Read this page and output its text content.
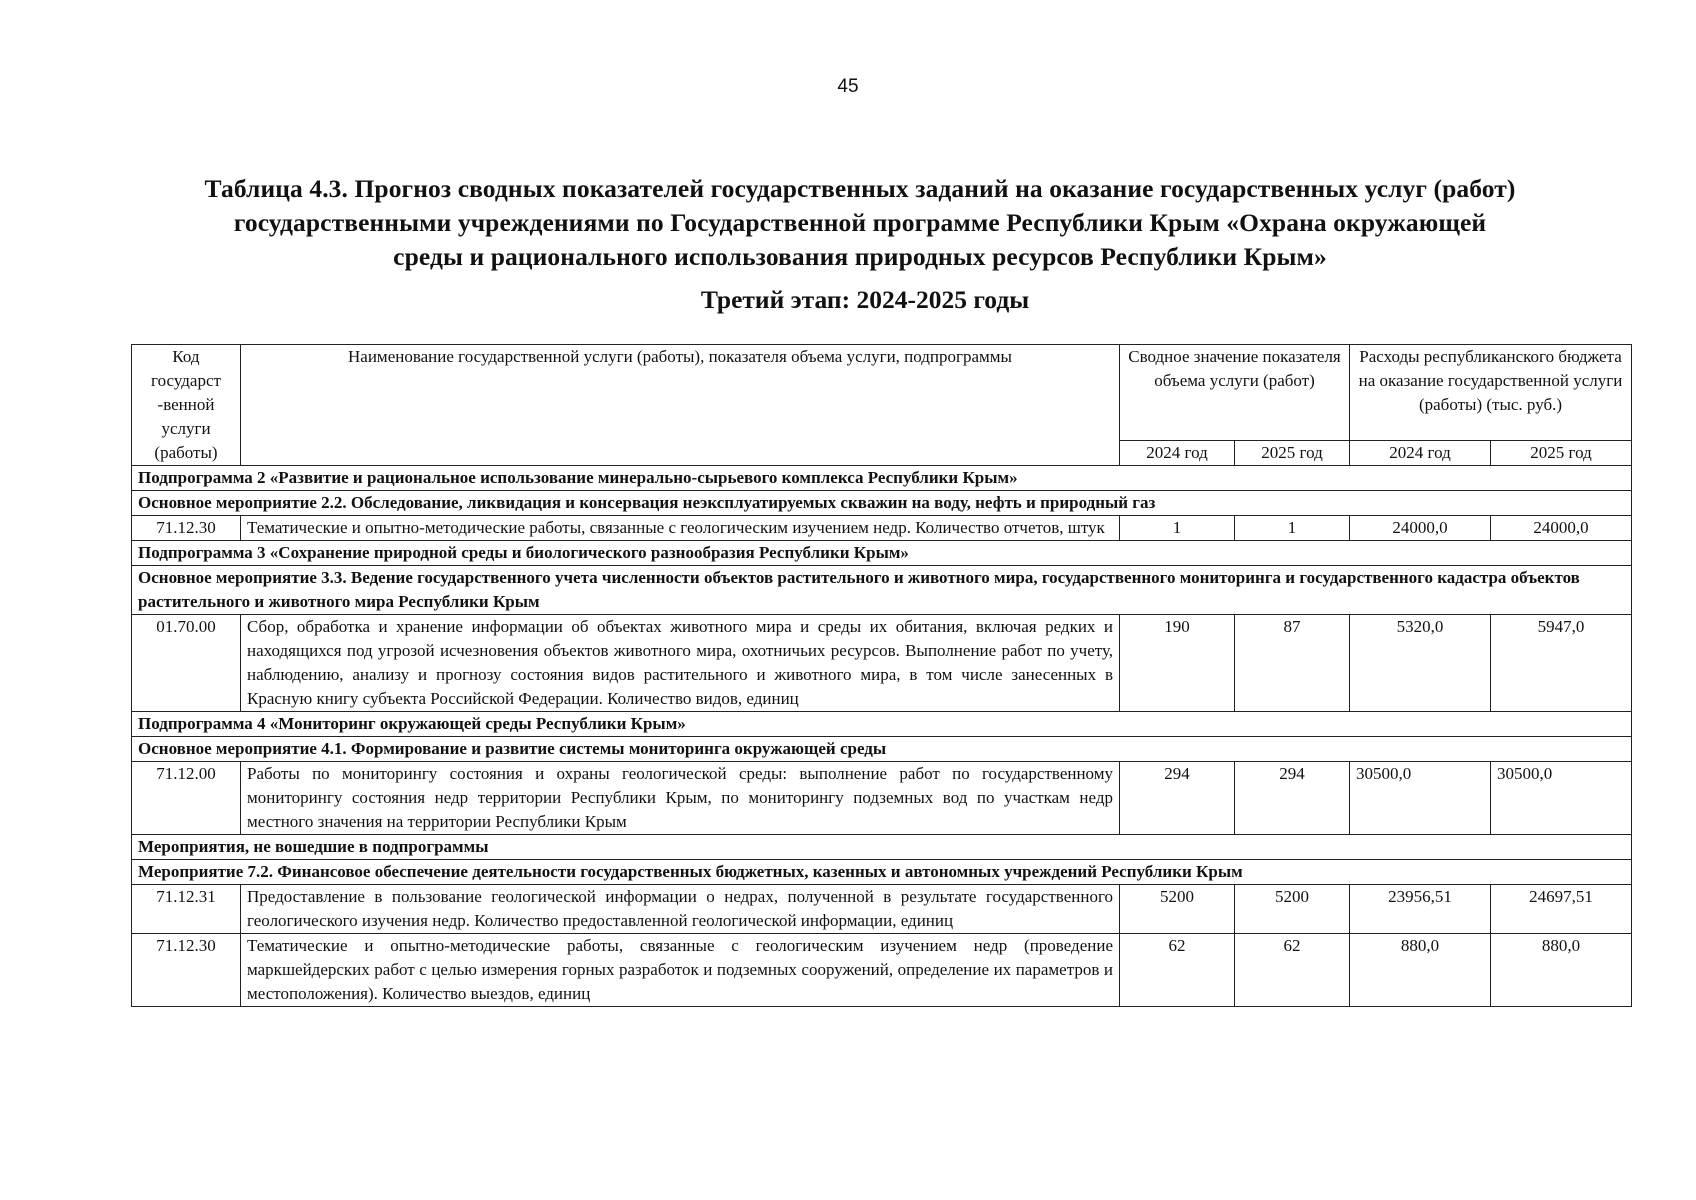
45
Таблица 4.3. Прогноз сводных показателей государственных заданий на оказание государственных услуг (работ)
государственными учреждениями по Государственной программе Республики Крым «Охрана окружающей
среды и рационального использования природных ресурсов Республики Крым»
Третий этап: 2024-2025 годы
Код государст -венной услуги (работы)	Наименование государственной услуги (работы), показателя объема услуги, подпрограммы	Сводное значение показателя объема услуги (работ)		Расходы республиканского бюджета на оказание государственной услуги (работы) (тыс. руб.)	
		2024 год	2025 год	2024 год	2025 год
Подпрограмма 2 «Развитие и рациональное использование минерально-сырьевого комплекса Республики Крым»					
Основное мероприятие 2.2. Обследование, ликвидация и консервация неэксплуатируемых скважин на воду, нефть и природный газ					
71.12.30	Тематические и опытно-методические работы, связанные с геологическим изучением недр. Количество отчетов, штук	1	1	24000,0	24000,0
Подпрограмма 3 «Сохранение природной среды и биологического разнообразия Республики Крым»					
Основное мероприятие 3.3. Ведение государственного учета численности объектов растительного и животного мира, государственного мониторинга и государственного кадастра объектов растительного и животного мира Республики Крым					
01.70.00	Сбор, обработка и хранение информации об объектах животного мира и среды их обитания, включая редких и находящихся под угрозой исчезновения объектов животного мира, охотничьих ресурсов. Выполнение работ по учету, наблюдению, анализу и прогнозу состояния видов растительного и животного мира, в том числе занесенных в Красную книгу субъекта Российской Федерации. Количество видов, единиц	190	87	5320,0	5947,0
Подпрограмма 4 «Мониторинг окружающей среды Республики Крым»					
Основное мероприятие 4.1. Формирование и развитие системы мониторинга окружающей среды					
71.12.00	Работы по мониторингу состояния и охраны геологической среды: выполнение работ по государственному мониторингу состояния недр территории Республики Крым, по мониторингу подземных вод по участкам недр местного значения на территории Республики Крым	294	294	30500,0	30500,0
Мероприятия, не вошедшие в подпрограммы					
Мероприятие 7.2. Финансовое обеспечение деятельности государственных бюджетных, казенных и автономных учреждений Республики Крым					
71.12.31	Предоставление в пользование геологической информации о недрах, полученной в результате государственного геологического изучения недр. Количество предоставленной геологической информации, единиц	5200	5200	23956,51	24697,51
71.12.30	Тематические и опытно-методические работы, связанные с геологическим изучением недр (проведение маркшейдерских работ с целью измерения горных разработок и подземных сооружений, определение их параметров и местоположения). Количество выездов, единиц	62	62	880,0	880,0
